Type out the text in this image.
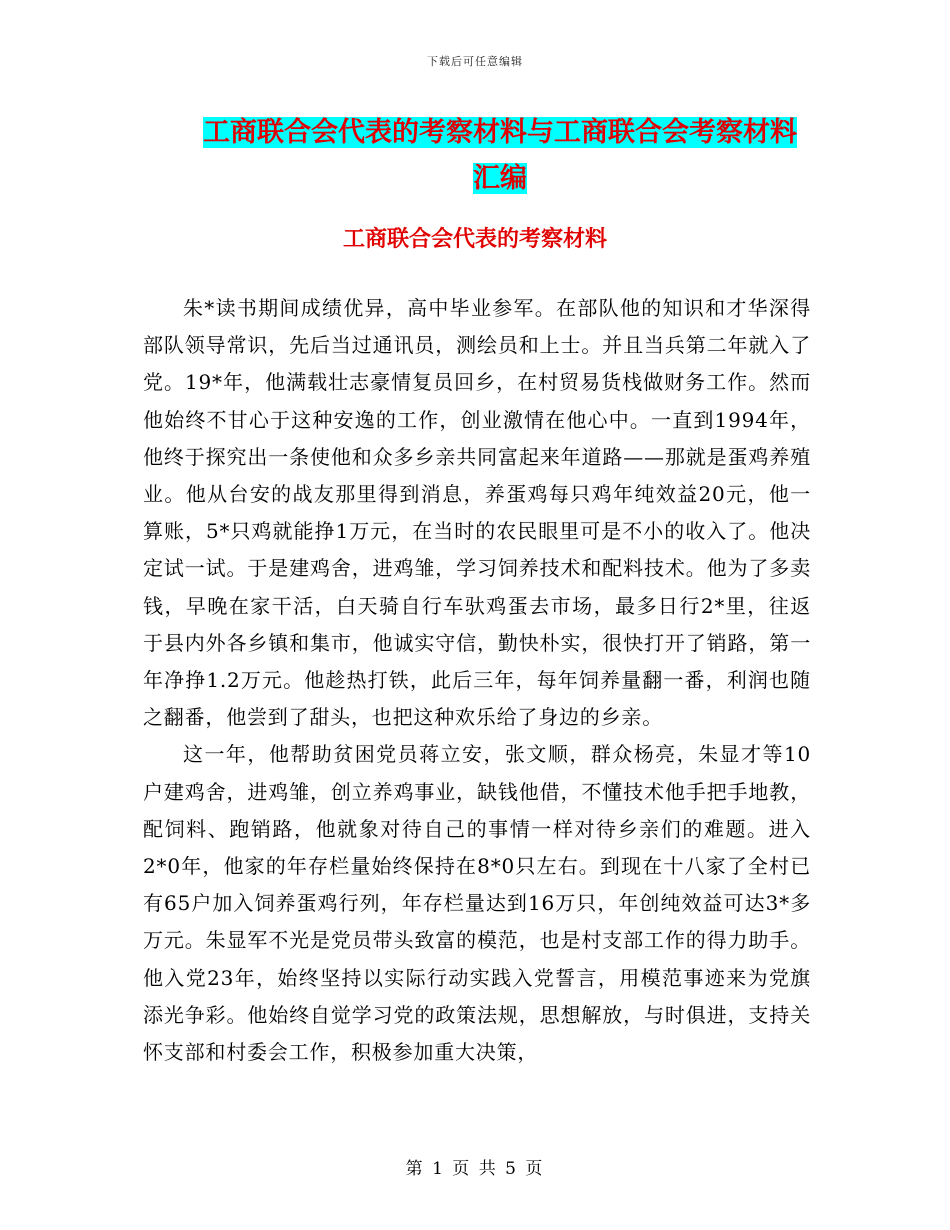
下载后可任意编辑
工商联合会代表的考察材料与工商联合会考察材料汇编
工商联合会代表的考察材料

朱*读书期间成绩优异，高中毕业参军。在部队他的知识和才华深得部队领导常识，先后当过通讯员，测绘员和上士。并且当兵第二年就入了党。19*年，他满载壮志豪情复员回乡，在村贸易货栈做财务工作。然而他始终不甘心于这种安逸的工作，创业激情在他心中。一直到1994年，他终于探究出一条使他和众多乡亲共同富起来年道路——那就是蛋鸡养殖业。他从台安的战友那里得到消息，养蛋鸡每只鸡年纯效益20元，他一算账，5*只鸡就能挣1万元，在当时的农民眼里可是不小的收入了。他决定试一试。于是建鸡舍，进鸡雏，学习饲养技术和配料技术。他为了多卖钱，早晚在家干活，白天骑自行车驮鸡蛋去市场，最多日行2*里，往返于县内外各乡镇和集市，他诚实守信，勤快朴实，很快打开了销路，第一年净挣1.2万元。他趁热打铁，此后三年，每年饲养量翻一番，利润也随之翻番，他尝到了甜头，也把这种欢乐给了身边的乡亲。

这一年，他帮助贫困党员蒋立安，张文顺，群众杨亮，朱显才等10户建鸡舍，进鸡雏，创立养鸡事业，缺钱他借，不懂技术他手把手地教，配饲料、跑销路，他就象对待自己的事情一样对待乡亲们的难题。进入2*0年，他家的年存栏量始终保持在8*0只左右。到现在十八家了全村已有65户加入饲养蛋鸡行列，年存栏量达到16万只，年创纯效益可达3*多万元。朱显军不光是党员带头致富的模范，也是村支部工作的得力助手。他入党23年，始终坚持以实际行动实践入党誓言，用模范事迹来为党旗添光争彩。他始终自觉学习党的政策法规，思想解放，与时俱进，支持关怀支部和村委会工作，积极参加重大决策，

第 1 页 共 5 页
